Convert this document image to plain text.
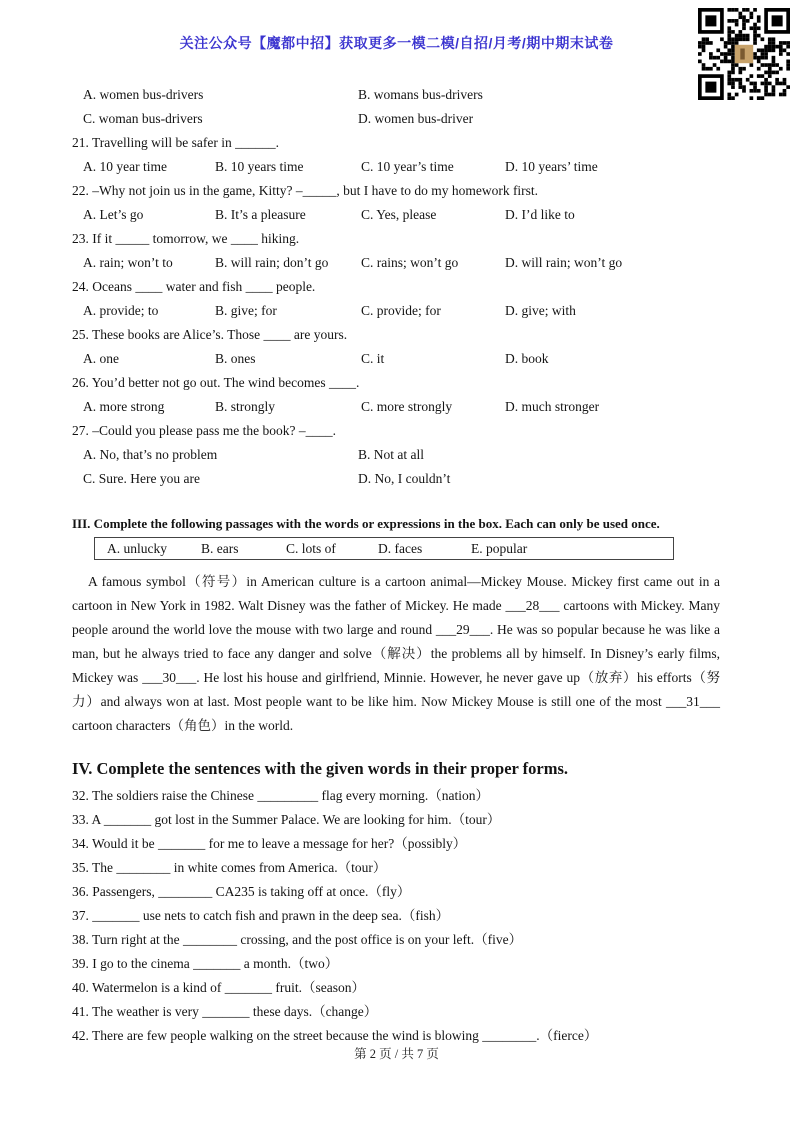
关注公众号【魔都中招】获取更多一模二模/自招/月考/期中期末试卷
A. women bus-drivers	B. womans bus-drivers
C. woman bus-drivers	D. women bus-driver
21. Travelling will be safer in ______.
A. 10 year time	B. 10 years time	C. 10 year’s time	D. 10 years’ time
22. –Why not join us in the game, Kitty? –_____, but I have to do my homework first.
A. Let’s go	B. It’s a pleasure	C. Yes, please	D. I’d like to
23. If it _____ tomorrow, we ____ hiking.
A. rain; won’t to	B. will rain; don’t go	C. rains; won’t go	D. will rain; won’t go
24. Oceans ____ water and fish ____ people.
A. provide; to	B. give; for	C. provide; for	D. give; with
25. These books are Alice’s. Those ____ are yours.
A. one	B. ones	C. it	D. book
26. You’d better not go out. The wind becomes ____.
A. more strong	B. strongly	C. more strongly	D. much stronger
27. –Could you please pass me the book? –____.
A. No, that’s no problem	B. Not at all
C. Sure. Here you are	D. No, I couldn’t
III. Complete the following passages with the words or expressions in the box. Each can only be used once.
A. unlucky	B. ears	C. lots of	D. faces	E. popular
A famous symbol（符号）in American culture is a cartoon animal—Mickey Mouse. Mickey first came out in a cartoon in New York in 1982. Walt Disney was the father of Mickey. He made ___28___ cartoons with Mickey. Many people around the world love the mouse with two large and round ___29___. He was so popular because he was like a man, but he always tried to face any danger and solve（解决）the problems all by himself. In Disney’s early films, Mickey was ___30___. He lost his house and girlfriend, Minnie. However, he never gave up（放弃）his efforts（努力）and always won at last. Most people want to be like him. Now Mickey Mouse is still one of the most ___31___ cartoon characters（角色）in the world.
IV. Complete the sentences with the given words in their proper forms.
32. The soldiers raise the Chinese _________ flag every morning.（nation）
33. A _______ got lost in the Summer Palace. We are looking for him.（tour）
34. Would it be _______ for me to leave a message for her?（possibly）
35. The ________ in white comes from America.（tour）
36. Passengers, ________ CA235 is taking off at once.（fly）
37. _______ use nets to catch fish and prawn in the deep sea.（fish）
38. Turn right at the ________ crossing, and the post office is on your left.（five）
39. I go to the cinema _______ a month.（two）
40. Watermelon is a kind of _______ fruit.（season）
41. The weather is very _______ these days.（change）
42. There are few people walking on the street because the wind is blowing ________.（fierce）
第 2 页 / 共 7 页
